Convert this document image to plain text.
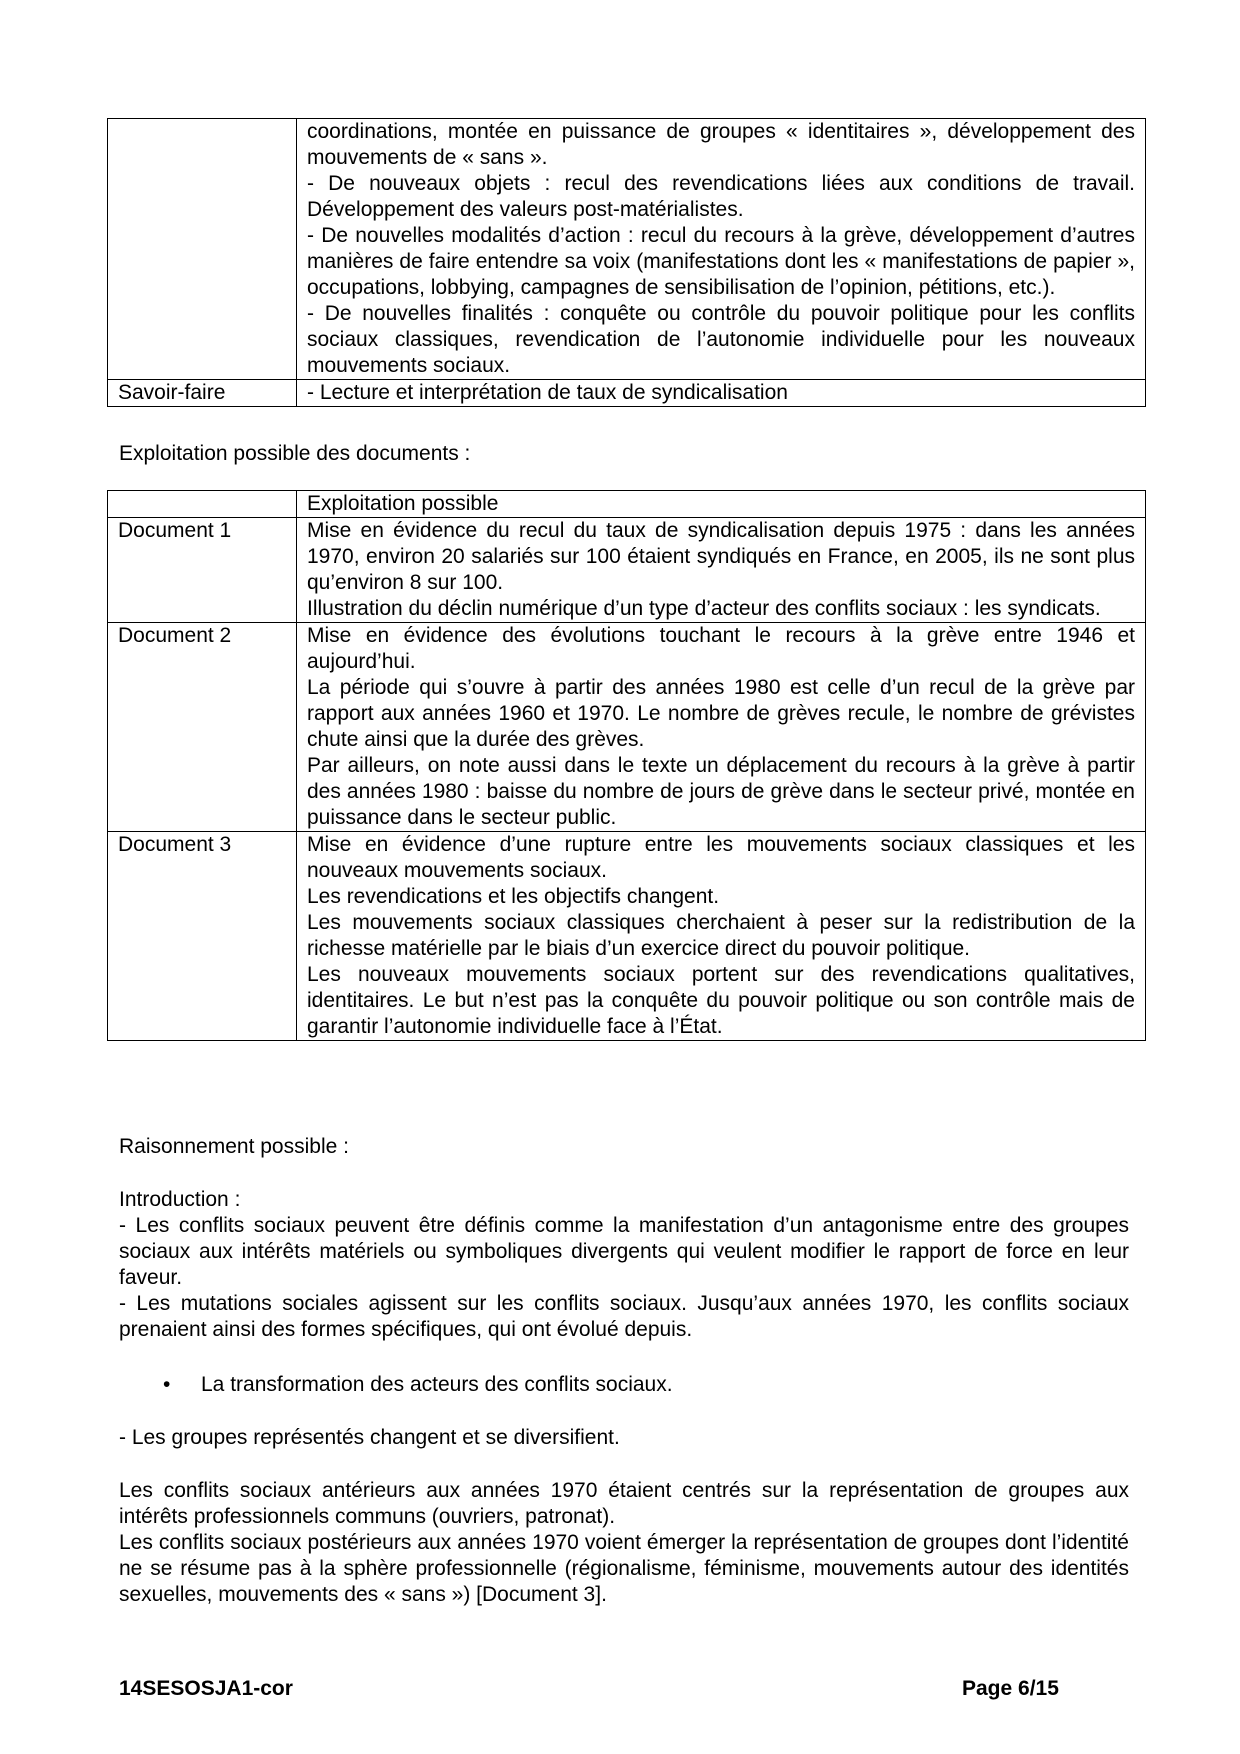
	coordinations, montée en puissance de groupes « identitaires », développement des mouvements de « sans ».
- De nouveaux objets : recul des revendications liées aux conditions de travail. Développement des valeurs post-matérialistes.
- De nouvelles modalités d’action : recul du recours à la grève, développement d’autres manières de faire entendre sa voix (manifestations dont les « manifestations de papier », occupations, lobbying, campagnes de sensibilisation de l’opinion, pétitions, etc.).
- De nouvelles finalités : conquête ou contrôle du pouvoir politique pour les conflits sociaux classiques, revendication de l’autonomie individuelle pour les nouveaux mouvements sociaux.

Savoir-faire	- Lecture et interprétation de taux de syndicalisation
Exploitation possible des documents :
	Exploitation possible
Document 1	Mise en évidence du recul du taux de syndicalisation depuis 1975 : dans les années 1970, environ 20 salariés sur 100 étaient syndiqués en France, en 2005, ils ne sont plus qu’environ 8 sur 100.
Illustration du déclin numérique d’un type d’acteur des conflits sociaux : les syndicats.

Document 2	Mise en évidence des évolutions touchant le recours à la grève entre 1946 et aujourd’hui.
La période qui s’ouvre à partir des années 1980 est celle d’un recul de la grève par rapport aux années 1960 et 1970. Le nombre de grèves recule, le nombre de grévistes chute ainsi que la durée des grèves.
Par ailleurs, on note aussi dans le texte un déplacement du recours à la grève à partir des années 1980 : baisse du nombre de jours de grève dans le secteur privé, montée en puissance dans le secteur public.

Document 3	Mise en évidence d’une rupture entre les mouvements sociaux classiques et les nouveaux mouvements sociaux.
Les revendications et les objectifs changent.
Les mouvements sociaux classiques cherchaient à peser sur la redistribution de la richesse matérielle par le biais d’un exercice direct du pouvoir politique.
Les nouveaux mouvements sociaux portent sur des revendications qualitatives, identitaires. Le but n’est pas la conquête du pouvoir politique ou son contrôle mais de garantir l’autonomie individuelle face à l’État.
Raisonnement possible :
Introduction :
- Les conflits sociaux peuvent être définis comme la manifestation d’un antagonisme entre des groupes sociaux aux intérêts matériels ou symboliques divergents qui veulent modifier le rapport de force en leur faveur.
- Les mutations sociales agissent sur les conflits sociaux. Jusqu’aux années 1970, les conflits sociaux prenaient ainsi des formes spécifiques, qui ont évolué depuis.
• La transformation des acteurs des conflits sociaux.
- Les groupes représentés changent et se diversifient.
Les conflits sociaux antérieurs aux années 1970 étaient centrés sur la représentation de groupes aux intérêts professionnels communs (ouvriers, patronat).
Les conflits sociaux postérieurs aux années 1970 voient émerger la représentation de groupes dont l’identité ne se résume pas à la sphère professionnelle (régionalisme, féminisme, mouvements autour des identités sexuelles, mouvements des « sans ») [Document 3].
14SESOSJA1-cor	Page 6/15
